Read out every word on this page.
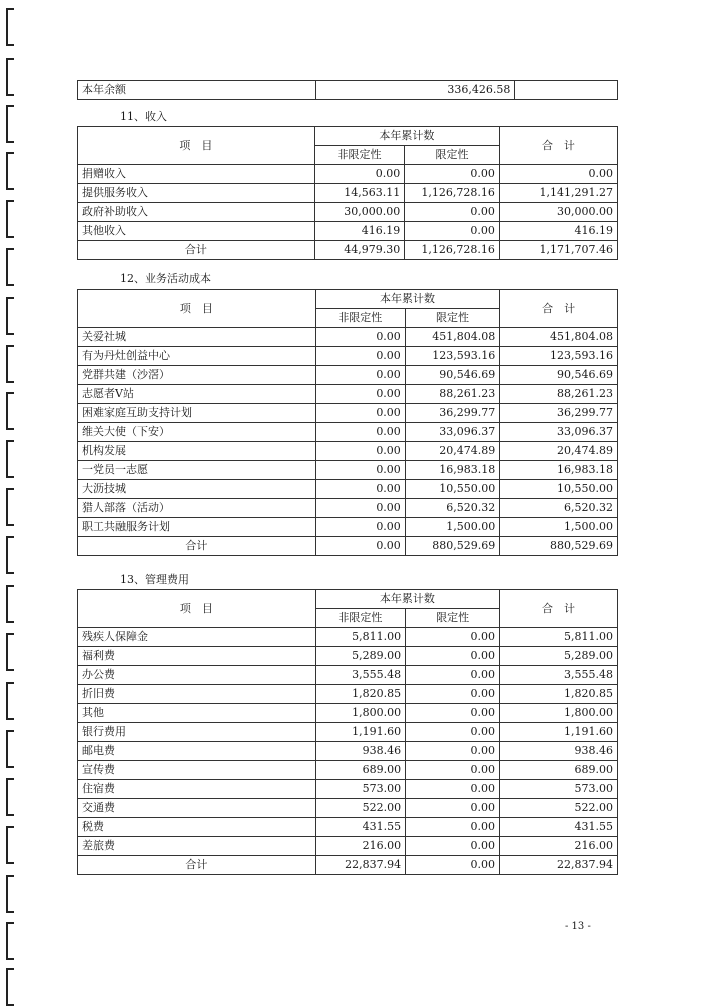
本年余额	336,426.58	
11、收入
项　目	本年累计数		合　计
	非限定性	限定性	
捐赠收入	0.00	0.00	0.00
提供服务收入	14,563.11	1,126,728.16	1,141,291.27
政府补助收入	30,000.00	0.00	30,000.00
其他收入	416.19	0.00	416.19
合计	44,979.30	1,126,728.16	1,171,707.46
12、业务活动成本
项　目	本年累计数		合　计
	非限定性	限定性	
关爱社城	0.00	451,804.08	451,804.08
有为丹灶创益中心	0.00	123,593.16	123,593.16
党群共建（沙滘）	0.00	90,546.69	90,546.69
志愿者V站	0.00	88,261.23	88,261.23
困难家庭互助支持计划	0.00	36,299.77	36,299.77
维关大使（下安）	0.00	33,096.37	33,096.37
机构发展	0.00	20,474.89	20,474.89
一党员一志愿	0.00	16,983.18	16,983.18
大沥技城	0.00	10,550.00	10,550.00
猎人部落（活动）	0.00	6,520.32	6,520.32
职工共融服务计划	0.00	1,500.00	1,500.00
合计	0.00	880,529.69	880,529.69
13、管理费用
项　目	本年累计数		合　计
	非限定性	限定性	
残疾人保障金	5,811.00	0.00	5,811.00
福利费	5,289.00	0.00	5,289.00
办公费	3,555.48	0.00	3,555.48
折旧费	1,820.85	0.00	1,820.85
其他	1,800.00	0.00	1,800.00
银行费用	1,191.60	0.00	1,191.60
邮电费	938.46	0.00	938.46
宣传费	689.00	0.00	689.00
住宿费	573.00	0.00	573.00
交通费	522.00	0.00	522.00
税费	431.55	0.00	431.55
差旅费	216.00	0.00	216.00
合计	22,837.94	0.00	22,837.94
- 13 -
